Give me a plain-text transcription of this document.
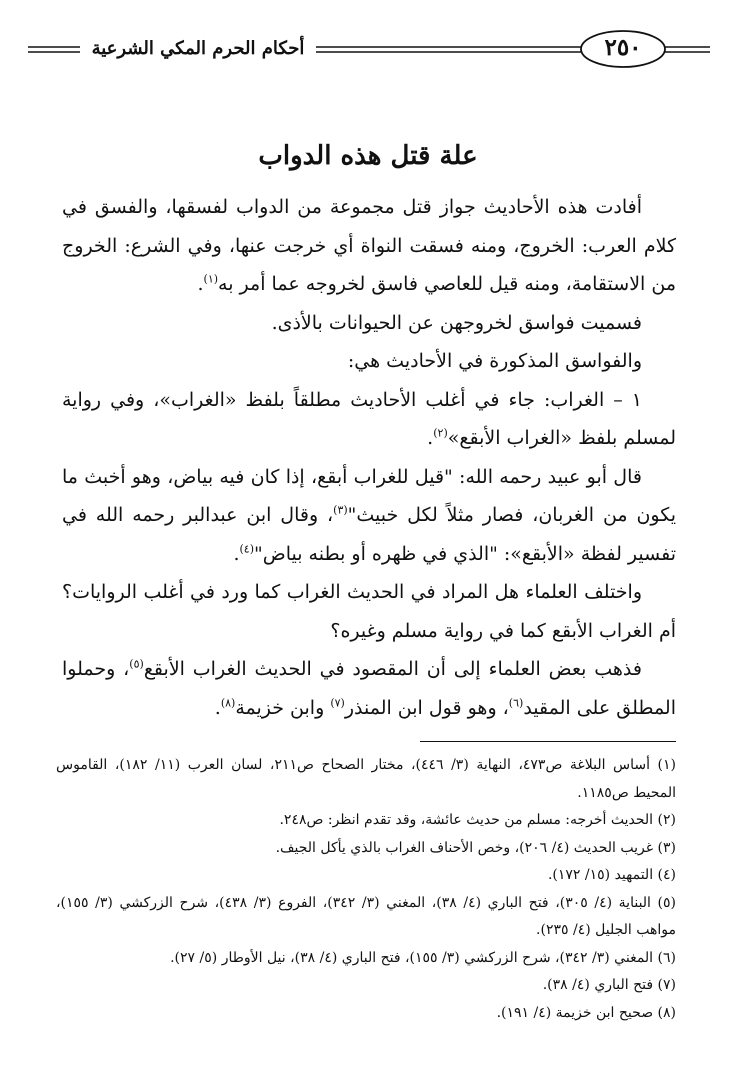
أحكام الحرم المكي الشرعية	٢٥٠
علة قتل هذه الدواب

أفادت هذه الأحاديث جواز قتل مجموعة من الدواب لفسقها، والفسق في كلام العرب: الخروج، ومنه فسقت النواة أي خرجت عنها، وفي الشرع: الخروج من الاستقامة، ومنه قيل للعاصي فاسق لخروجه عما أمر به$^{(١)}$.

فسميت فواسق لخروجهن عن الحيوانات بالأذى.

والفواسق المذكورة في الأحاديث هي:

١ – الغراب: جاء في أغلب الأحاديث مطلقاً بلفظ «الغراب»، وفي رواية لمسلم بلفظ «الغراب الأبقع»$^{(٢)}$.

قال أبو عبيد رحمه الله: "قيل للغراب أبقع، إذا كان فيه بياض، وهو أخبث ما يكون من الغربان، فصار مثلاً لكل خبيث"$^{(٣)}$، وقال ابن عبدالبر رحمه الله في تفسير لفظة «الأبقع»: "الذي في ظهره أو بطنه بياض"$^{(٤)}$.

واختلف العلماء هل المراد في الحديث الغراب كما ورد في أغلب الروايات؟ أم الغراب الأبقع كما في رواية مسلم وغيره؟

فذهب بعض العلماء إلى أن المقصود في الحديث الغراب الأبقع$^{(٥)}$، وحملوا المطلق على المقيد$^{(٦)}$، وهو قول ابن المنذر$^{(٧)}$ وابن خزيمة$^{(٨)}$.

(١) أساس البلاغة ص٤٧٣، النهاية (٣/ ٤٤٦)، مختار الصحاح ص٢١١، لسان العرب (١١/ ١٨٢)، القاموس المحيط ص١١٨٥.

(٢) الحديث أخرجه: مسلم من حديث عائشة، وقد تقدم انظر: ص٢٤٨.

(٣) غريب الحديث (٤/ ٢٠٦)، وخص الأحناف الغراب بالذي يأكل الجيف.

(٤) التمهيد (١٥/ ١٧٢).

(٥) البناية (٤/ ٣٠٥)، فتح الباري (٤/ ٣٨)، المغني (٣/ ٣٤٢)، الفروع (٣/ ٤٣٨)، شرح الزركشي (٣/ ١٥٥)، مواهب الجليل (٤/ ٢٣٥).

(٦) المغني (٣/ ٣٤٢)، شرح الزركشي (٣/ ١٥٥)، فتح الباري (٤/ ٣٨)، نيل الأوطار (٥/ ٢٧).

(٧) فتح الباري (٤/ ٣٨).

(٨) صحيح ابن خزيمة (٤/ ١٩١).
